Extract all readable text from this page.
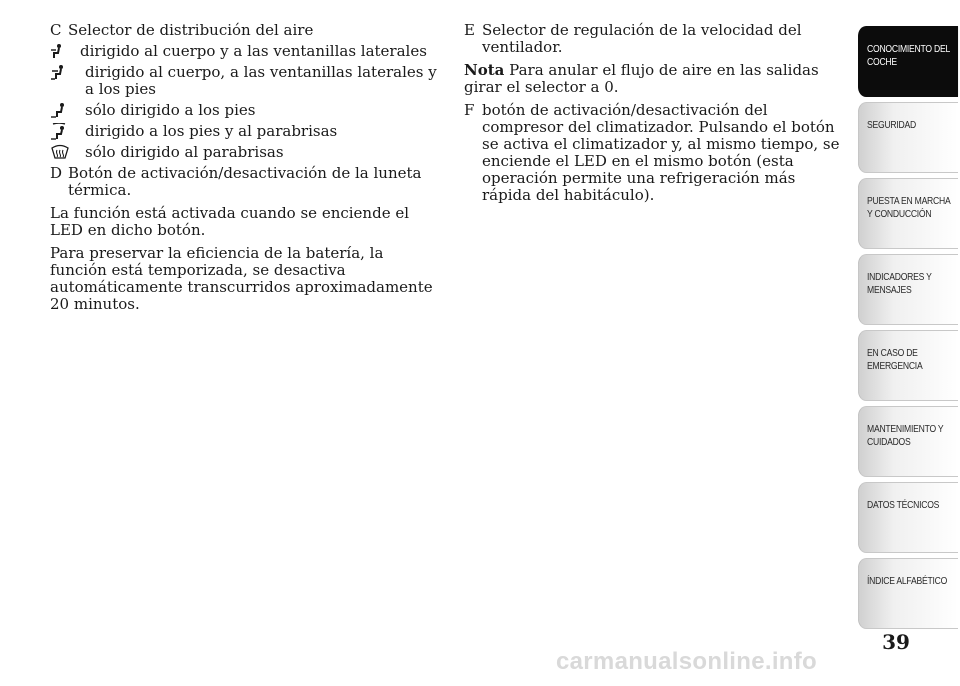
C Selector de distribución del aire
dirigido al cuerpo y a las ventanillas laterales
dirigido al cuerpo, a las ventanillas laterales y a los pies
sólo dirigido a los pies
dirigido a los pies y al parabrisas
sólo dirigido al parabrisas
D Botón de activación/desactivación de la luneta térmica.

La función está activada cuando se enciende el LED en dicho botón.

Para preservar la eficiencia de la batería, la función está temporizada, se desactiva automáticamente transcurridos aproximadamente 20 minutos.

E Selector de regulación de la velocidad del ventilador.

Nota Para anular el flujo de aire en las salidas girar el selector a 0.

F botón de activación/desactivación del compresor del climatizador. Pulsando el botón se activa el climatizador y, al mismo tiempo, se enciende el LED en el mismo botón (esta operación permite una refrigeración más rápida del habitáculo).
CONOCIMIENTO DEL COCHE
SEGURIDAD
PUESTA EN MARCHA Y CONDUCCIÓN
INDICADORES Y MENSAJES
EN CASO DE EMERGENCIA
MANTENIMIENTO Y CUIDADOS
DATOS TÉCNICOS
ÍNDICE ALFABÉTICO
39
carmanualsonline.info
